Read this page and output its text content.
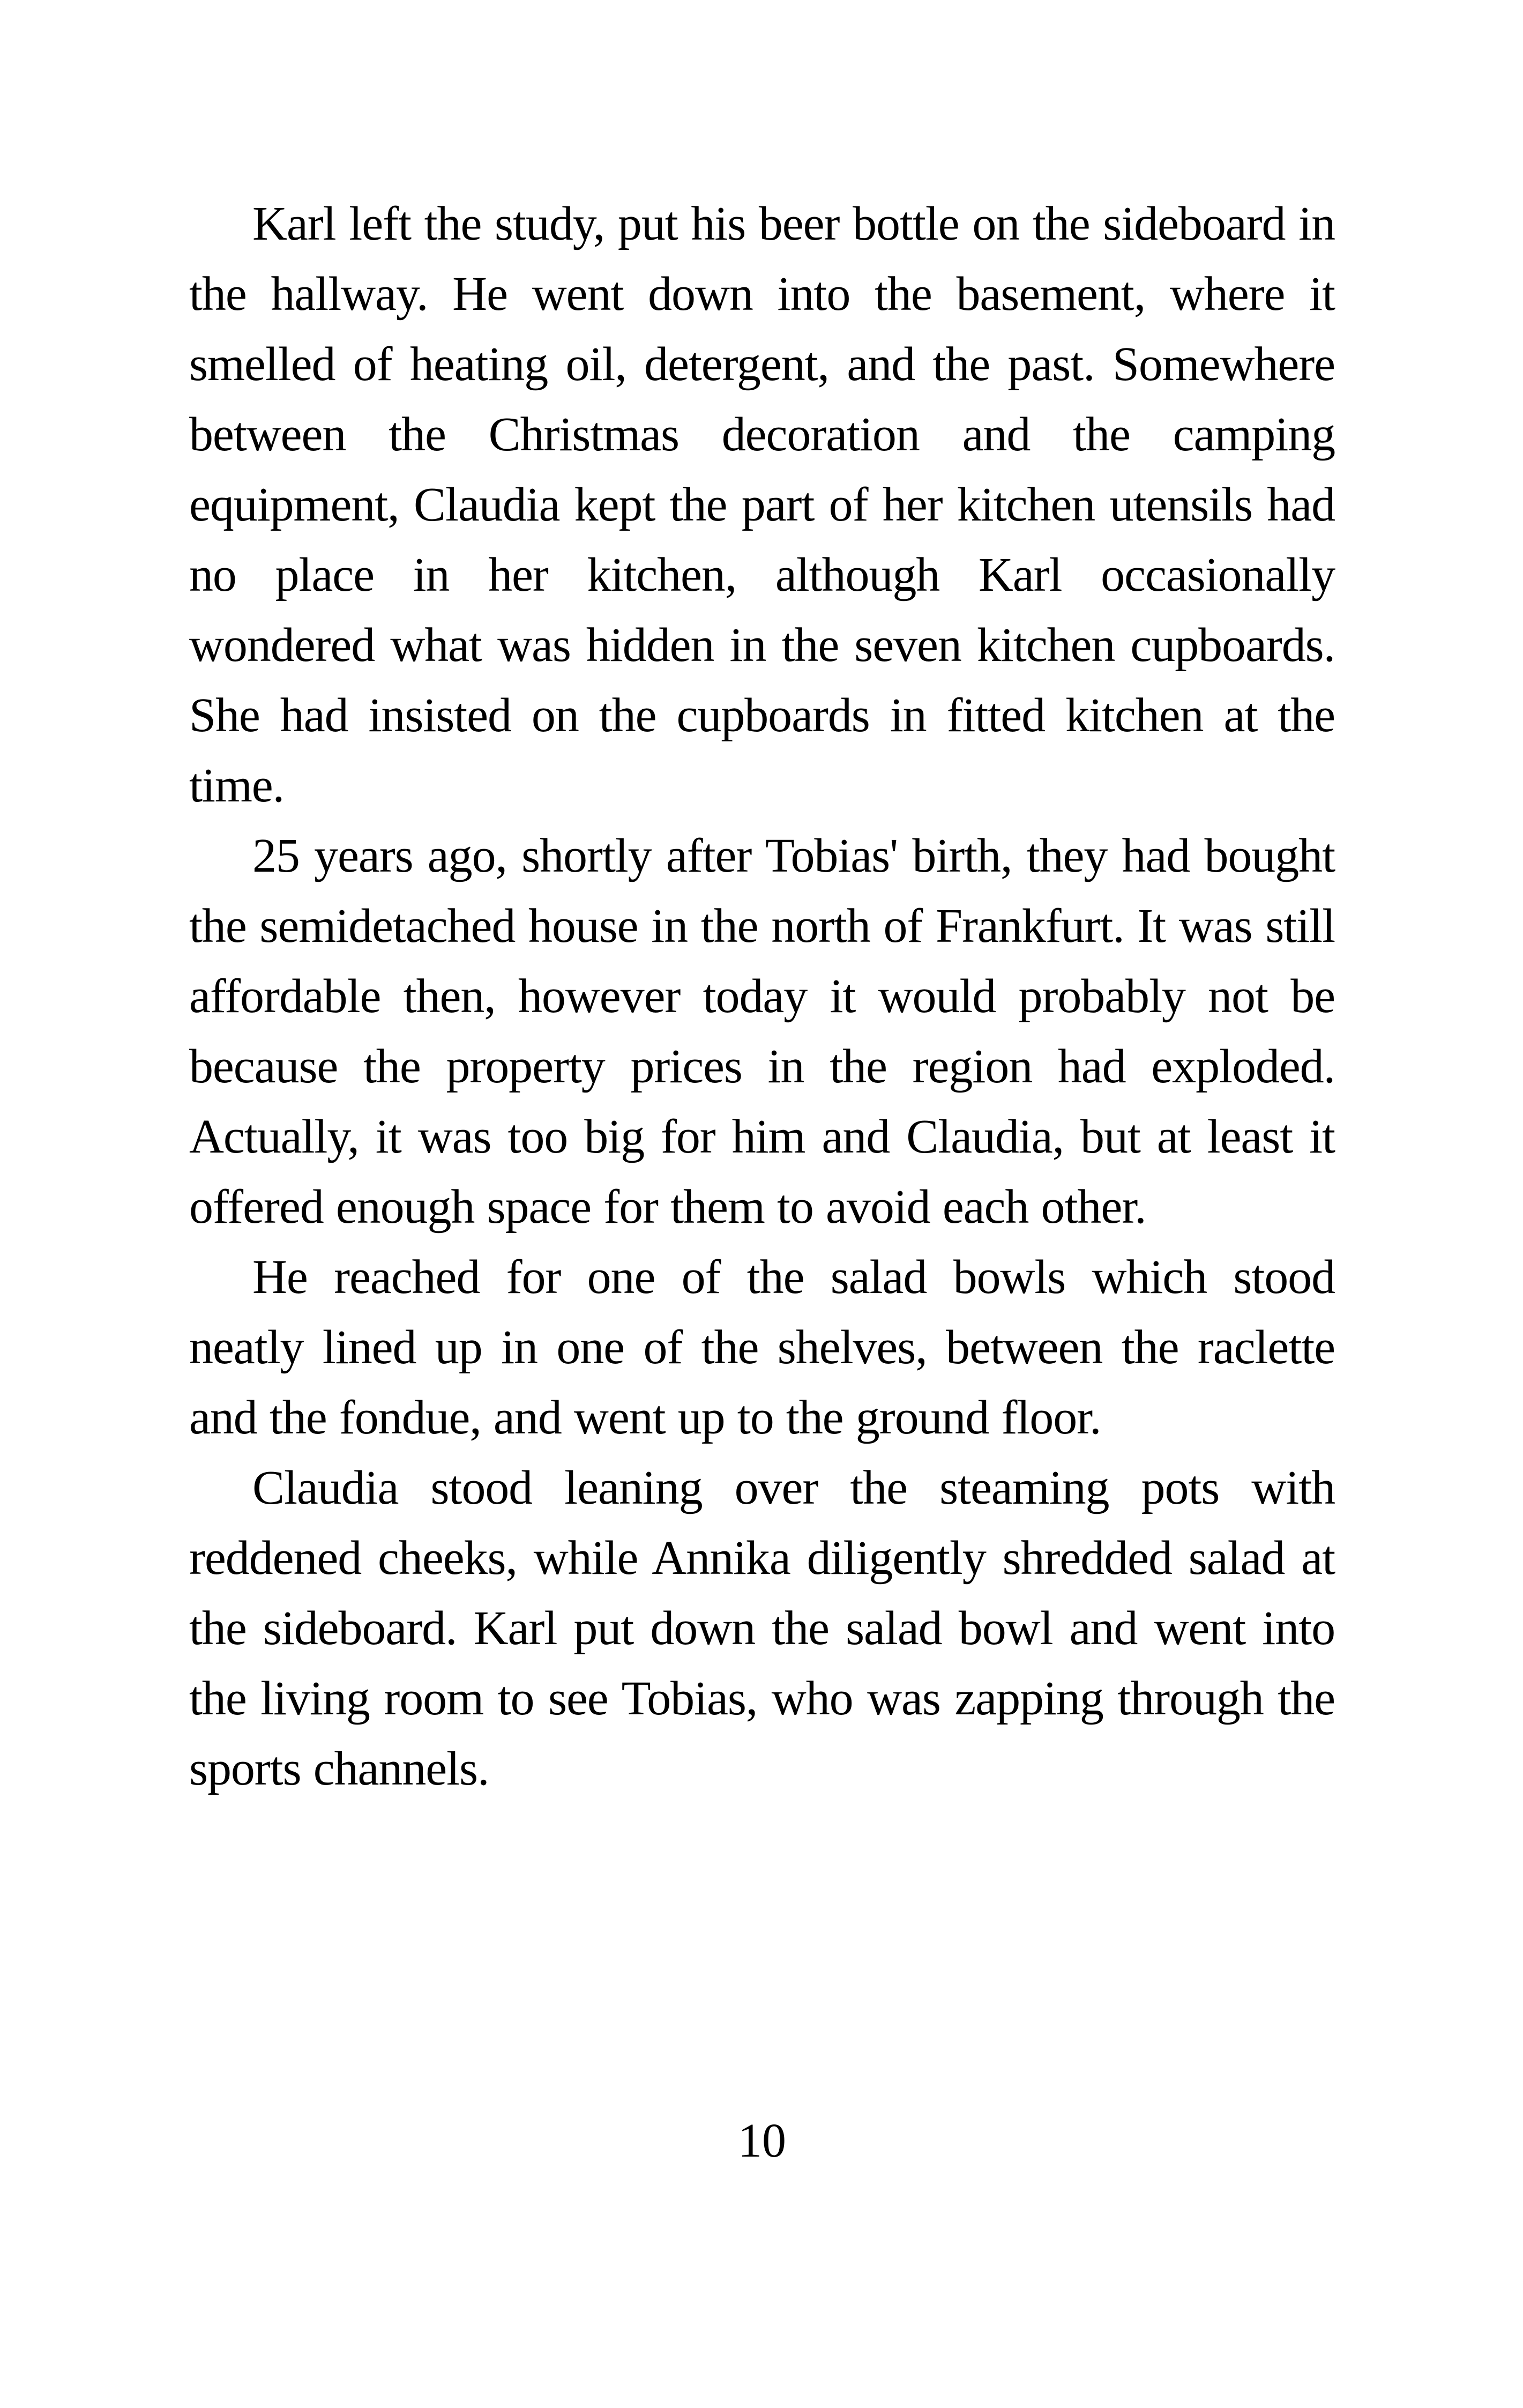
Karl left the study, put his beer bottle on the sideboard in the hallway. He went down into the basement, where it smelled of heating oil, detergent, and the past. Somewhere between the Christmas decoration and the camping equipment, Claudia kept the part of her kitchen utensils had no place in her kitchen, although Karl occasionally wondered what was hidden in the seven kitchen cupboards. She had insisted on the cupboards in fitted kitchen at the time.

25 years ago, shortly after Tobias' birth, they had bought the semidetached house in the north of Frankfurt. It was still affordable then, however today it would probably not be because the property prices in the region had exploded. Actually, it was too big for him and Claudia, but at least it offered enough space for them to avoid each other.

He reached for one of the salad bowls which stood neatly lined up in one of the shelves, between the raclette and the fondue, and went up to the ground floor.

Claudia stood leaning over the steaming pots with reddened cheeks, while Annika diligently shredded salad at the sideboard. Karl put down the salad bowl and went into the living room to see Tobias, who was zapping through the sports channels.

10
